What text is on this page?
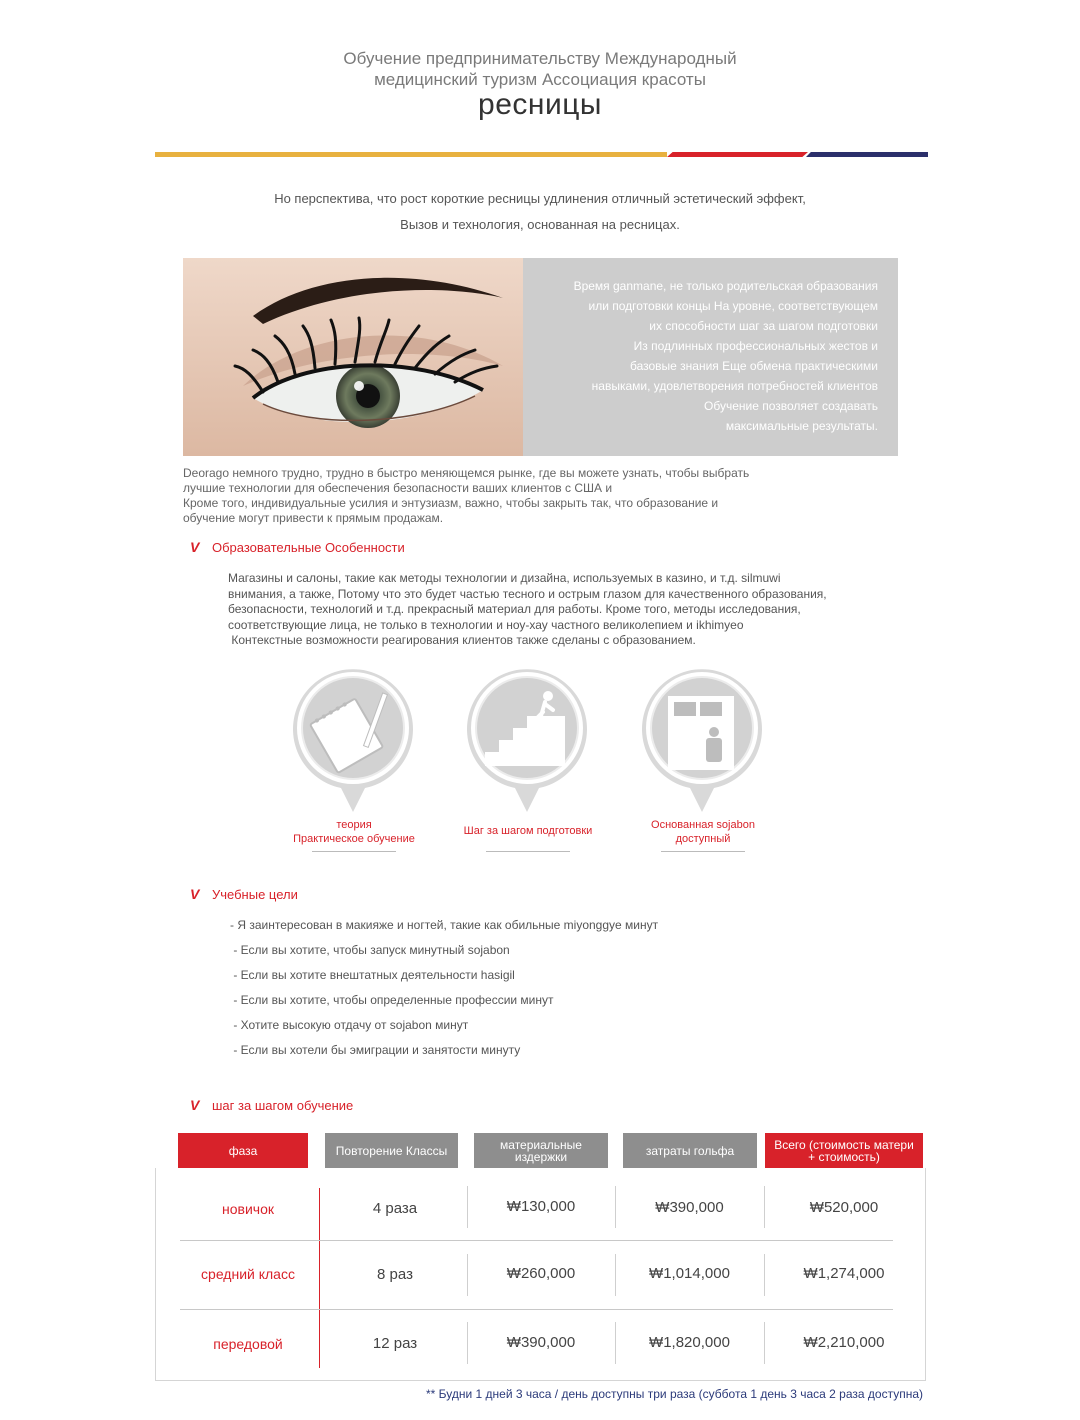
Обучение предпринимательству Международный
медицинский туризм Ассоциация красоты
ресницы
Но перспектива, что рост короткие ресницы удлинения отличный эстетический эффект,
Вызов и технология, основанная на ресницах.
Время ganmane, не только родительская образования
или подготовки концы На уровне, соответствующем
их способности шаг за шагом подготовки
Из подлинных профессиональных жестов и
базовые знания Еще обмена практическими
навыками, удовлетворения потребностей клиентов
Обучение позволяет создавать
максимальные результаты.
Deorago немного трудно, трудно в быстро меняющемся рынке, где вы можете узнать, чтобы выбрать
лучшие технологии для обеспечения безопасности ваших клиентов с США и
Кроме того, индивидуальные усилия и энтузиазм, важно, чтобы закрыть так, что образование и
обучение могут привести к прямым продажам.
V Образовательные Особенности
Магазины и салоны, такие как методы технологии и дизайна, используемых в казино, и т.д. silmuwi
внимания, а также, Потому что это будет частью тесного и острым глазом для качественного образования,
безопасности, технологий и т.д. прекрасный материал для работы. Кроме того, методы исследования,
соответствующие лица, не только в технологии и ноу-хау частного великолепием и ikhimyeo
Контекстные возможности реагирования клиентов также сделаны с образованием.
теория
Практическое обучение
Шаг за шагом подготовки	Основанная sojabon
доступный
V Учебные цели
- Я заинтересован в макияже и ногтей, такие как обильные miyonggye минут
- Если вы хотите, чтобы запуск минутный sojabon
- Если вы хотите внештатных деятельности hasigil
- Если вы хотите, чтобы определенные профессии минут
- Хотите высокую отдачу от sojabon минут
- Если вы хотели бы эмиграции и занятости минуту
V шаг за шагом обучение
фаза	Повторение Классы	материальные
издержки	затраты гольфа	Всего (стоимость матери
+ стоимость)
новичок	4 раза	₩130,000	₩390,000	₩520,000
средний класс	8 раз	₩260,000	₩1,014,000	₩1,274,000
передовой	12 раз	₩390,000	₩1,820,000	₩2,210,000
** Будни 1 дней 3 часа / день доступны три раза (суббота 1 день 3 часа 2 раза доступна)
